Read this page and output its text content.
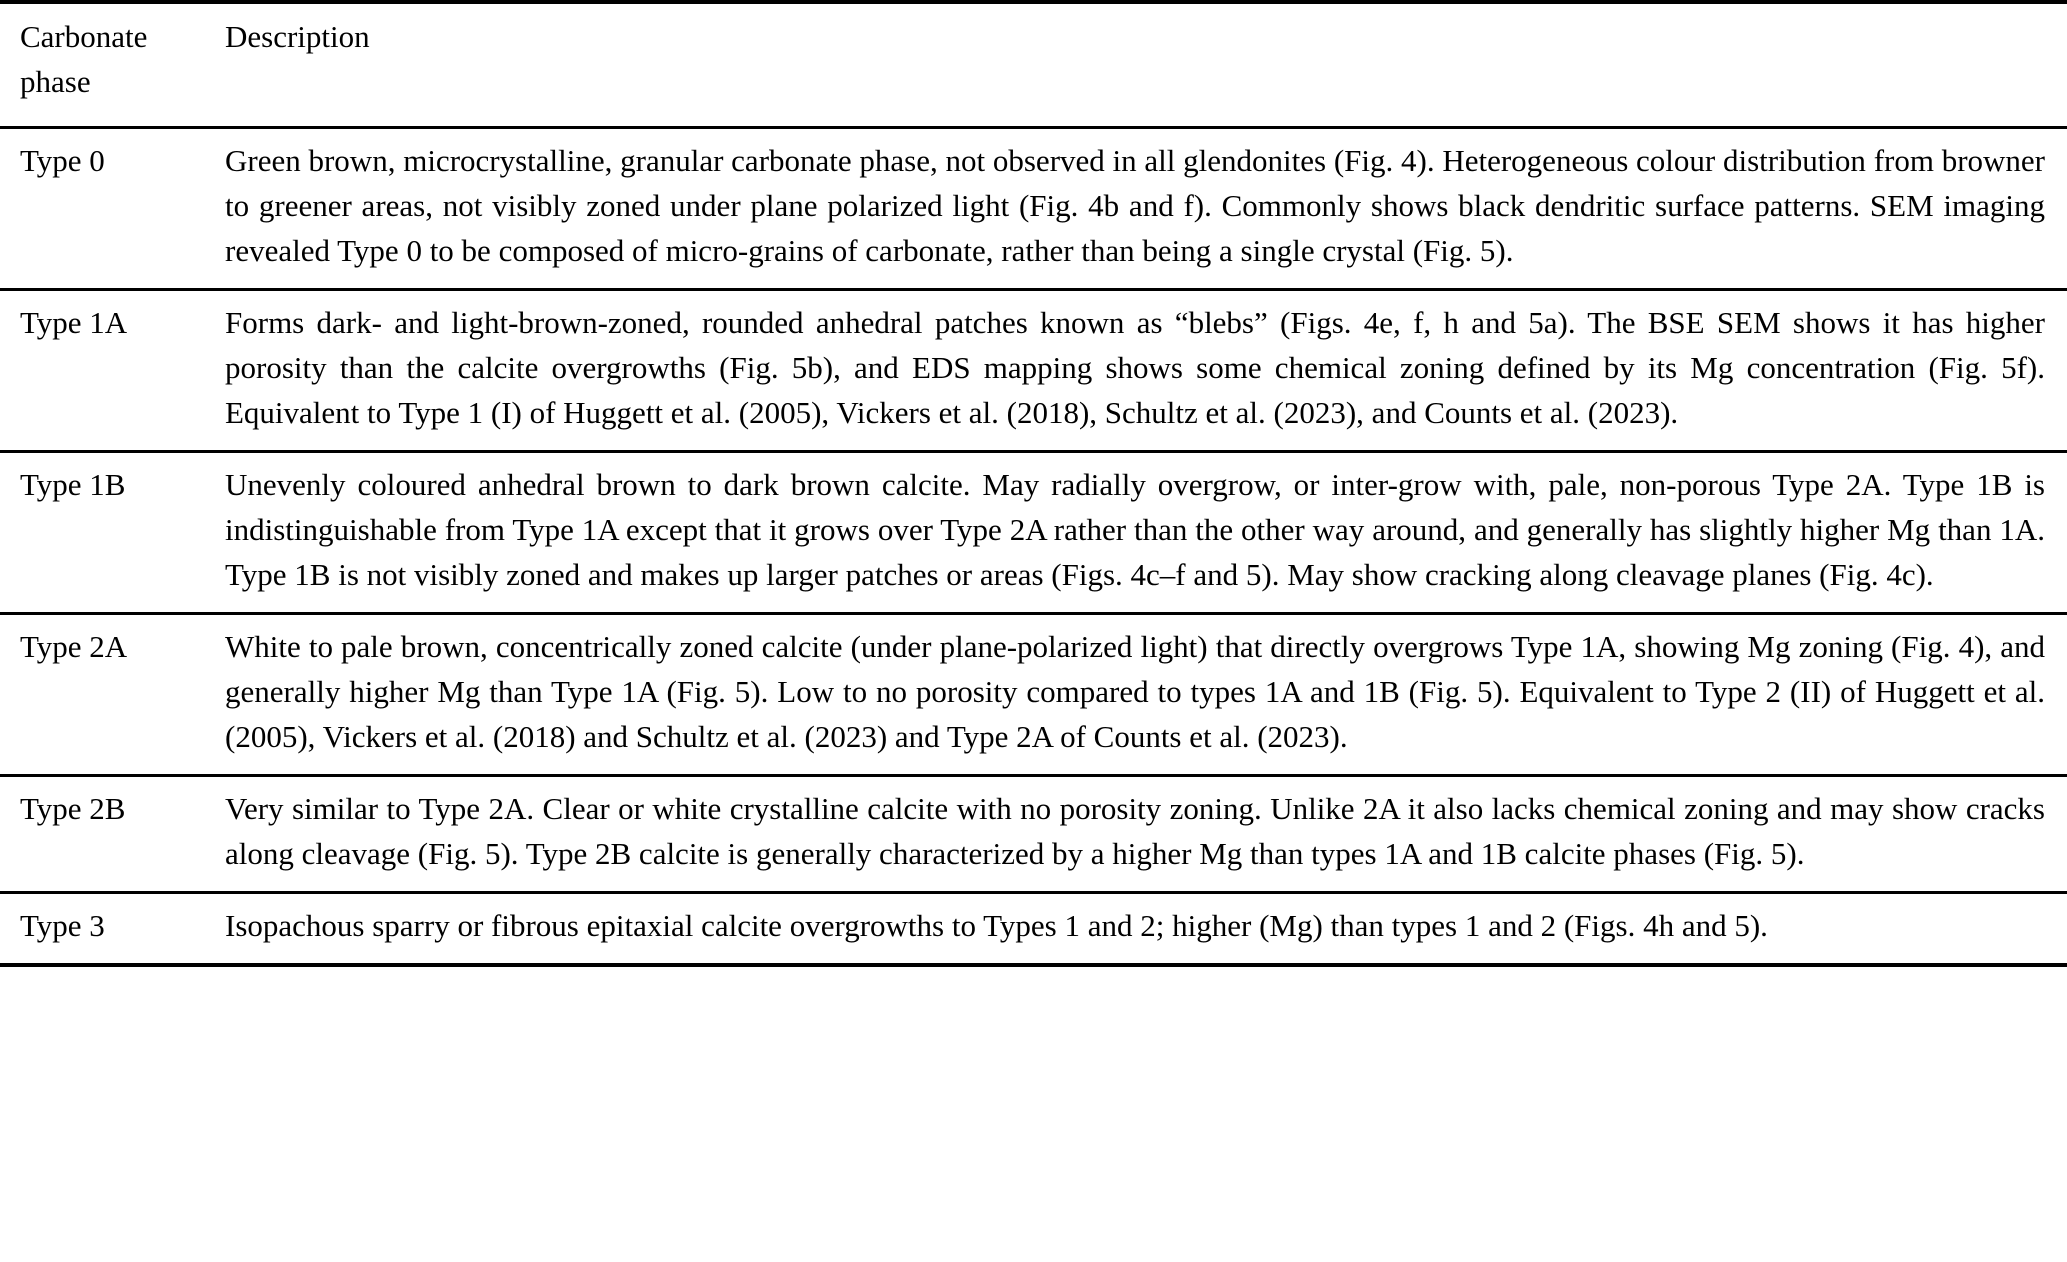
Carbonate phase	Description
Type 0	Green brown, microcrystalline, granular carbonate phase, not observed in all glendonites (Fig. 4). Heterogeneous colour distribution from browner to greener areas, not visibly zoned under plane polarized light (Fig. 4b and f). Commonly shows black dendritic surface patterns. SEM imaging revealed Type 0 to be composed of micro-grains of carbonate, rather than being a single crystal (Fig. 5).
Type 1A	Forms dark- and light-brown-zoned, rounded anhedral patches known as “blebs” (Figs. 4e, f, h and 5a). The BSE SEM shows it has higher porosity than the calcite overgrowths (Fig. 5b), and EDS mapping shows some chemical zoning defined by its Mg concentration (Fig. 5f). Equivalent to Type 1 (I) of Huggett et al. (2005), Vickers et al. (2018), Schultz et al. (2023), and Counts et al. (2023).
Type 1B	Unevenly coloured anhedral brown to dark brown calcite. May radially overgrow, or inter-grow with, pale, non-porous Type 2A. Type 1B is indistinguishable from Type 1A except that it grows over Type 2A rather than the other way around, and generally has slightly higher Mg than 1A. Type 1B is not visibly zoned and makes up larger patches or areas (Figs. 4c–f and 5). May show cracking along cleavage planes (Fig. 4c).
Type 2A	White to pale brown, concentrically zoned calcite (under plane-polarized light) that directly overgrows Type 1A, showing Mg zoning (Fig. 4), and generally higher Mg than Type 1A (Fig. 5). Low to no porosity compared to types 1A and 1B (Fig. 5). Equivalent to Type 2 (II) of Huggett et al. (2005), Vickers et al. (2018) and Schultz et al. (2023) and Type 2A of Counts et al. (2023).
Type 2B	Very similar to Type 2A. Clear or white crystalline calcite with no porosity zoning. Unlike 2A it also lacks chemical zoning and may show cracks along cleavage (Fig. 5). Type 2B calcite is generally characterized by a higher Mg than types 1A and 1B calcite phases (Fig. 5).
Type 3	Isopachous sparry or fibrous epitaxial calcite overgrowths to Types 1 and 2; higher (Mg) than types 1 and 2 (Figs. 4h and 5).
